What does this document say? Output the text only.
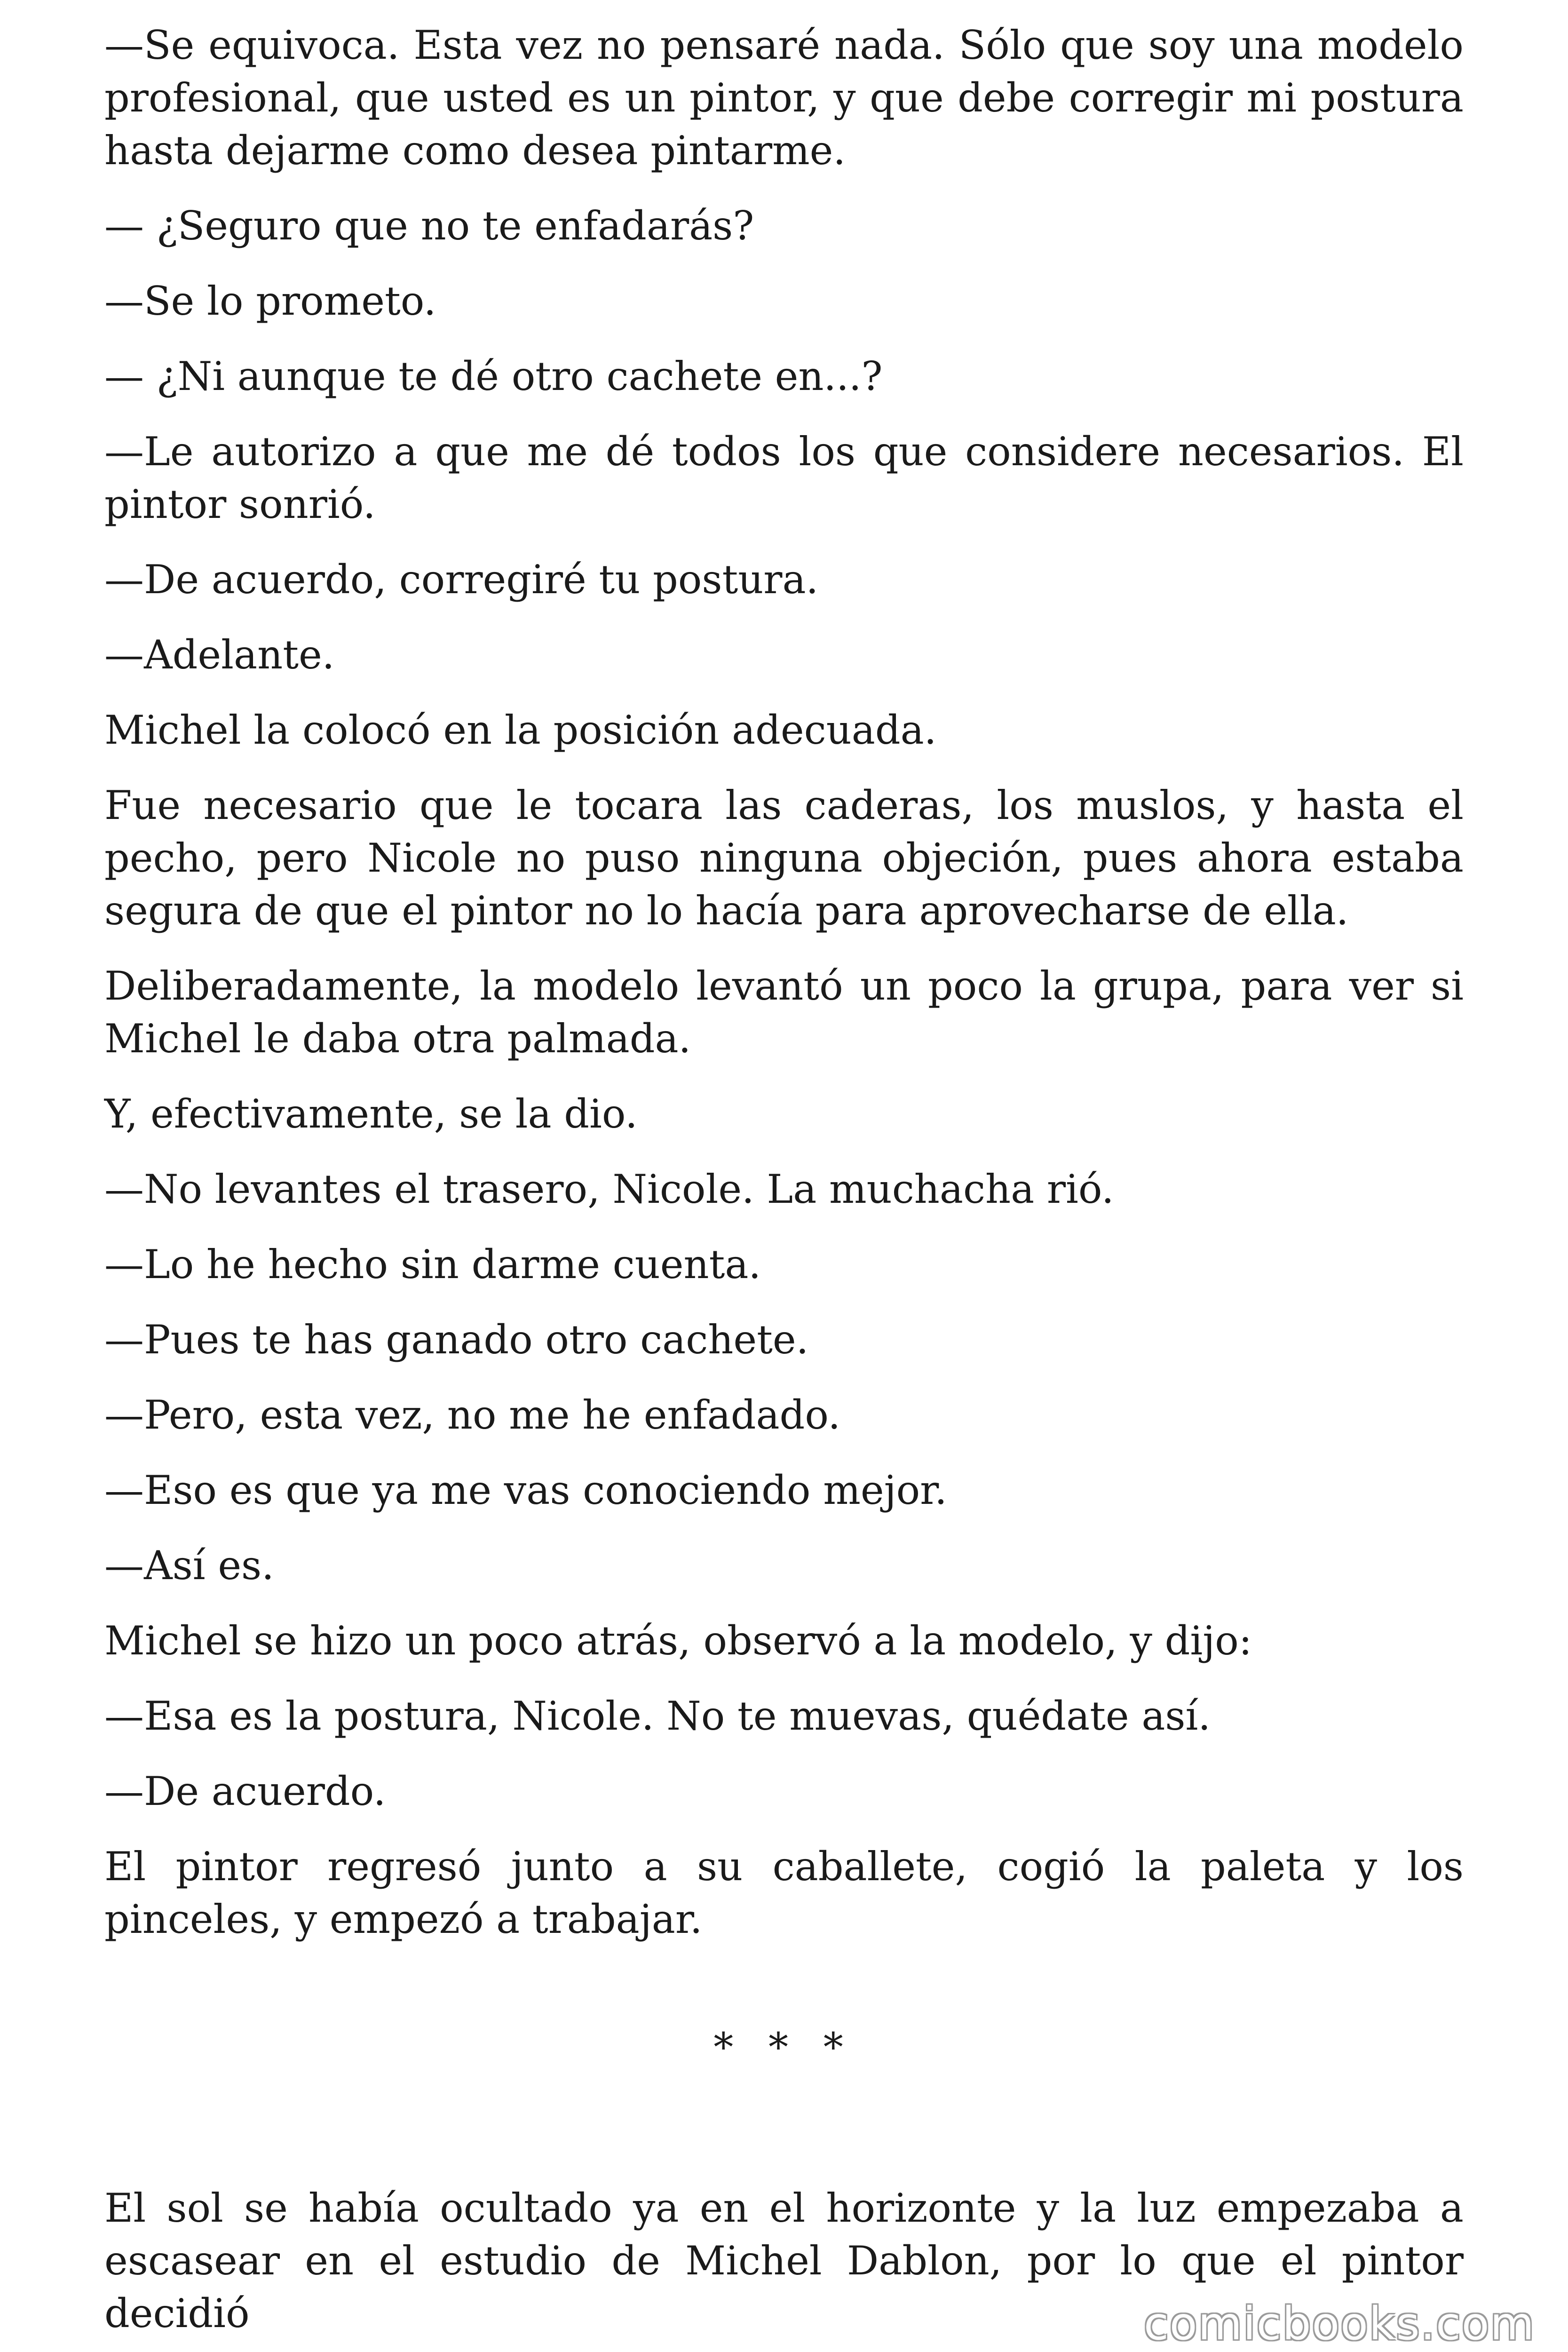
—Se equivoca. Esta vez no pensaré nada. Sólo que soy una modelo profesional, que usted es un pintor, y que debe corregir mi postura hasta dejarme como desea pintarme.

— ¿Seguro que no te enfadarás?

—Se lo prometo.

— ¿Ni aunque te dé otro cachete en...?

—Le autorizo a que me dé todos los que considere necesarios. El pintor sonrió.

—De acuerdo, corregiré tu postura.

—Adelante.

Michel la colocó en la posición adecuada.

Fue necesario que le tocara las caderas, los muslos, y hasta el pecho, pero Nicole no puso ninguna objeción, pues ahora estaba segura de que el pintor no lo hacía para aprovecharse de ella.

Deliberadamente, la modelo levantó un poco la grupa, para ver si Michel le daba otra palmada.

Y, efectivamente, se la dio.

—No levantes el trasero, Nicole. La muchacha rió.

—Lo he hecho sin darme cuenta.

—Pues te has ganado otro cachete.

—Pero, esta vez, no me he enfadado.

—Eso es que ya me vas conociendo mejor.

—Así es.

Michel se hizo un poco atrás, observó a la modelo, y dijo:

—Esa es la postura, Nicole. No te muevas, quédate así.

—De acuerdo.

El pintor regresó junto a su caballete, cogió la paleta y los pinceles, y empezó a trabajar.

* * *

El sol se había ocultado ya en el horizonte y la luz empezaba a escasear en el estudio de Michel Dablon, por lo que el pintor decidió	comicbooks.com
